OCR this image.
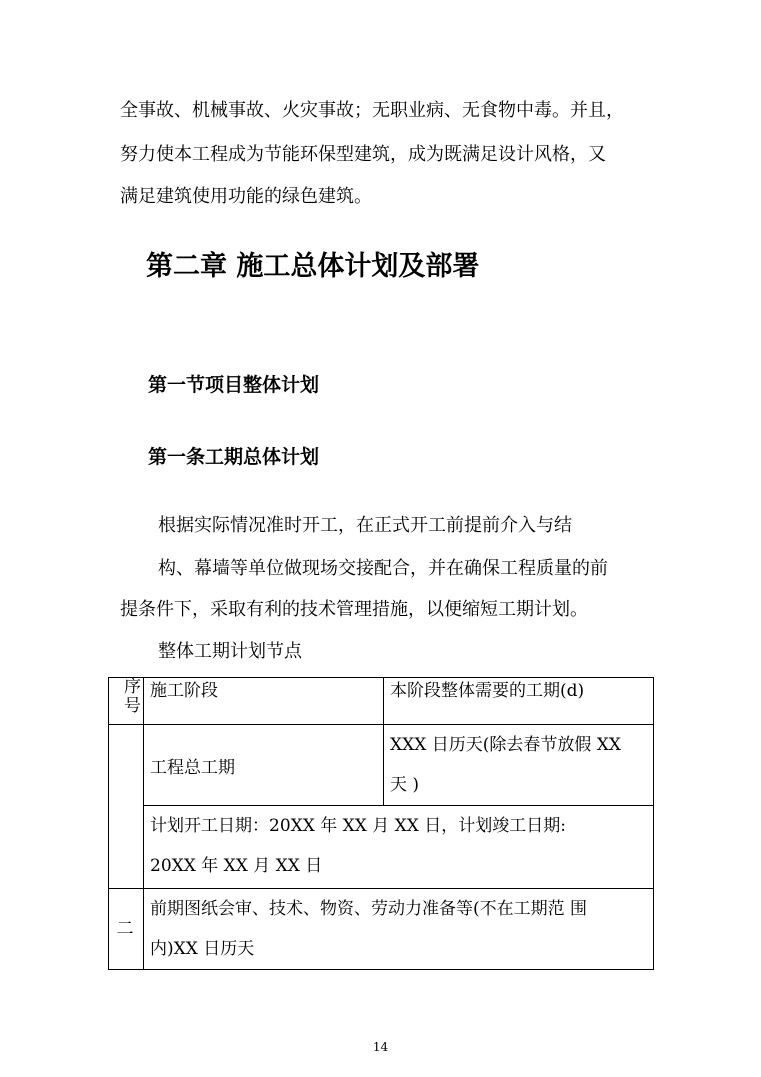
全事故、机械事故、火灾事故；无职业病、无食物中毒。并且，
努力使本工程成为节能环保型建筑，成为既满足设计风格，又
满足建筑使用功能的绿色建筑。
第二章 施工总体计划及部署
第一节项目整体计划
第一条工期总体计划
根据实际情况准时开工，在正式开工前提前介入与结
构、幕墙等单位做现场交接配合，并在确保工程质量的前
提条件下，采取有利的技术管理措施，以便缩短工期计划。
整体工期计划节点
序号	施工阶段	本阶段整体需要的工期(d)
	工程总工期	XXX 日历天(除去春节放假 XX
天 )

	计划开工日期：20XX 年 XX 月 XX 日，计划竣工日期:
20XX 年 XX 月 XX 日	

二	前期图纸会审、技术、物资、劳动力准备等(不在工期范 围
内)XX 日历天	
14
